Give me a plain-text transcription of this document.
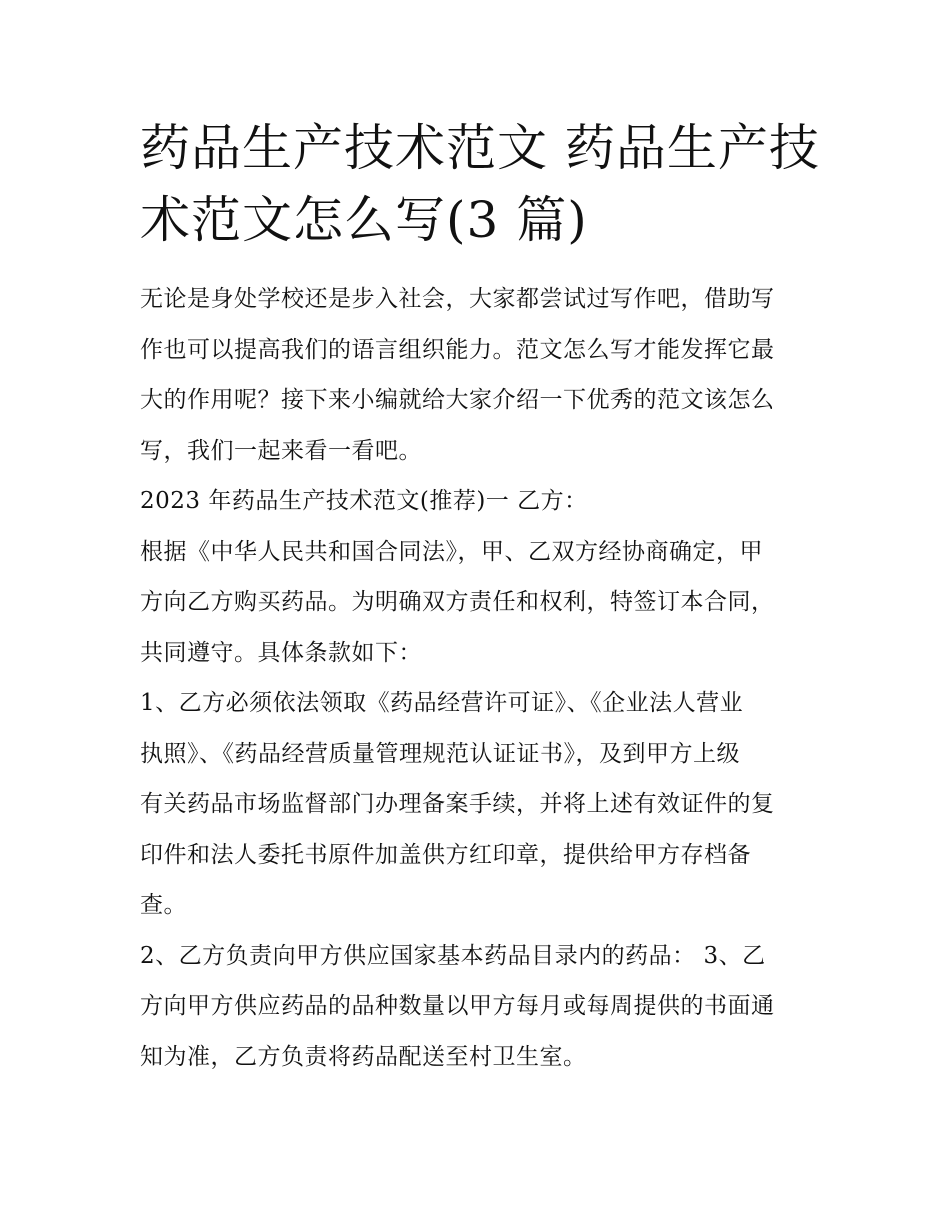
药品生产技术范文 药品生产技
术范文怎么写(3 篇)

无论是身处学校还是步入社会，大家都尝试过写作吧，借助写
作也可以提高我们的语言组织能力。范文怎么写才能发挥它最
大的作用呢？接下来小编就给大家介绍一下优秀的范文该怎么
写，我们一起来看一看吧。

2023 年药品生产技术范文(推荐)一 乙方：

根据《中华人民共和国合同法》，甲、乙双方经协商确定，甲
方向乙方购买药品。为明确双方责任和权利，特签订本合同，
共同遵守。具体条款如下：

1、乙方必须依法领取《药品经营许可证》、《企业法人营业
执照》、《药品经营质量管理规范认证证书》，及到甲方上级
有关药品市场监督部门办理备案手续，并将上述有效证件的复
印件和法人委托书原件加盖供方红印章，提供给甲方存档备
查。

2、乙方负责向甲方供应国家基本药品目录内的药品： 3、乙
方向甲方供应药品的品种数量以甲方每月或每周提供的书面通
知为准，乙方负责将药品配送至村卫生室。
